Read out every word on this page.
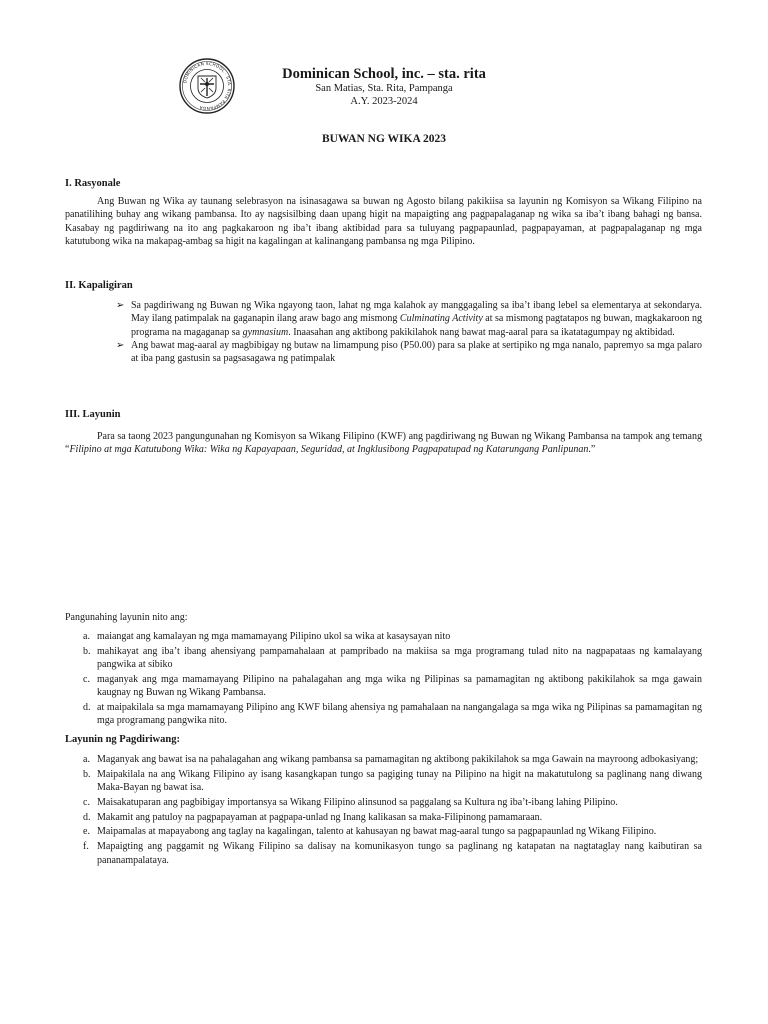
DOMINICAN SCHOOL · STA. RITA PAMPANGA
Dominican School, inc. – sta. rita
San Matias, Sta. Rita, Pampanga
A.Y. 2023-2024
BUWAN NG WIKA 2023
I. Rasyonale

Ang Buwan ng Wika ay taunang selebrasyon na isinasagawa sa buwan ng Agosto bilang pakikiisa sa layunin ng Komisyon sa Wikang Filipino na panatilihing buhay ang wikang pambansa. Ito ay nagsisilbing daan upang higit na mapaigting ang pagpapalaganap ng wika sa iba’t ibang bahagi ng bansa. Kasabay ng pagdiriwang na ito ang pagkakaroon ng iba’t ibang aktibidad para sa tuluyang pagpapaunlad, pagpapayaman, at pagpapalaganap ng mga katutubong wika na makapag-ambag sa higit na kagalingan at kalinangang pambansa ng mga Pilipino.

II. Kapaligiran
➢ Sa pagdiriwang ng Buwan ng Wika ngayong taon, lahat ng mga kalahok ay manggagaling sa iba’t ibang lebel sa elementarya at sekondarya. May ilang patimpalak na gaganapin ilang araw bago ang mismong Culminating Activity at sa mismong pagtatapos ng buwan, magkakaroon ng programa na magaganap sa gymnasium. Inaasahan ang aktibong pakikilahok nang bawat mag-aaral para sa ikatatagumpay ng aktibidad.
➢ Ang bawat mag-aaral ay magbibigay ng butaw na limampung piso (P50.00) para sa plake at sertipiko ng mga nanalo, papremyo sa mga palaro at iba pang gastusin sa pagsasagawa ng patimpalak
III. Layunin

Para sa taong 2023 pangungunahan ng Komisyon sa Wikang Filipino (KWF) ang pagdiriwang ng Buwan ng Wikang Pambansa na tampok ang temang “Filipino at mga Katutubong Wika: Wika ng Kapayapaan, Seguridad, at Ingklusibong Pagpapatupad ng Katarungang Panlipunan.”

Pangunahing layunin nito ang:
a. maiangat ang kamalayan ng mga mamamayang Pilipino ukol sa wika at kasaysayan nito
b. mahikayat ang iba’t ibang ahensiyang pampamahalaan at pampribado na makiisa sa mga programang tulad nito na nagpapataas ng kamalayang pangwika at sibiko
c. maganyak ang mga mamamayang Pilipino na pahalagahan ang mga wika ng Pilipinas sa pamamagitan ng aktibong pakikilahok sa mga gawain kaugnay ng Buwan ng Wikang Pambansa.
d. at maipakilala sa mga mamamayang Pilipino ang KWF bilang ahensiya ng pamahalaan na nangangalaga sa mga wika ng Pilipinas sa pamamagitan ng mga programang pangwika nito.
Layunin ng Pagdiriwang:
a. Maganyak ang bawat isa na pahalagahan ang wikang pambansa sa pamamagitan ng aktibong pakikilahok sa mga Gawain na mayroong adbokasiyang;
b. Maipakilala na ang Wikang Filipino ay isang kasangkapan tungo sa pagiging tunay na Pilipino na higit na makatutulong sa paglinang nang diwang Maka-Bayan ng bawat isa.
c. Maisakatuparan ang pagbibigay importansya sa Wikang Filipino alinsunod sa paggalang sa Kultura ng iba’t-ibang lahing Pilipino.
d. Makamit ang patuloy na pagpapayaman at pagpapa-unlad ng Inang kalikasan sa maka-Filipinong pamamaraan.
e. Maipamalas at mapayabong ang taglay na kagalingan, talento at kahusayan ng bawat mag-aaral tungo sa pagpapaunlad ng Wikang Filipino.
f. Mapaigting ang paggamit ng Wikang Filipino sa dalisay na komunikasyon tungo sa paglinang ng katapatan na nagtataglay nang kaibutiran sa pananampalataya.
